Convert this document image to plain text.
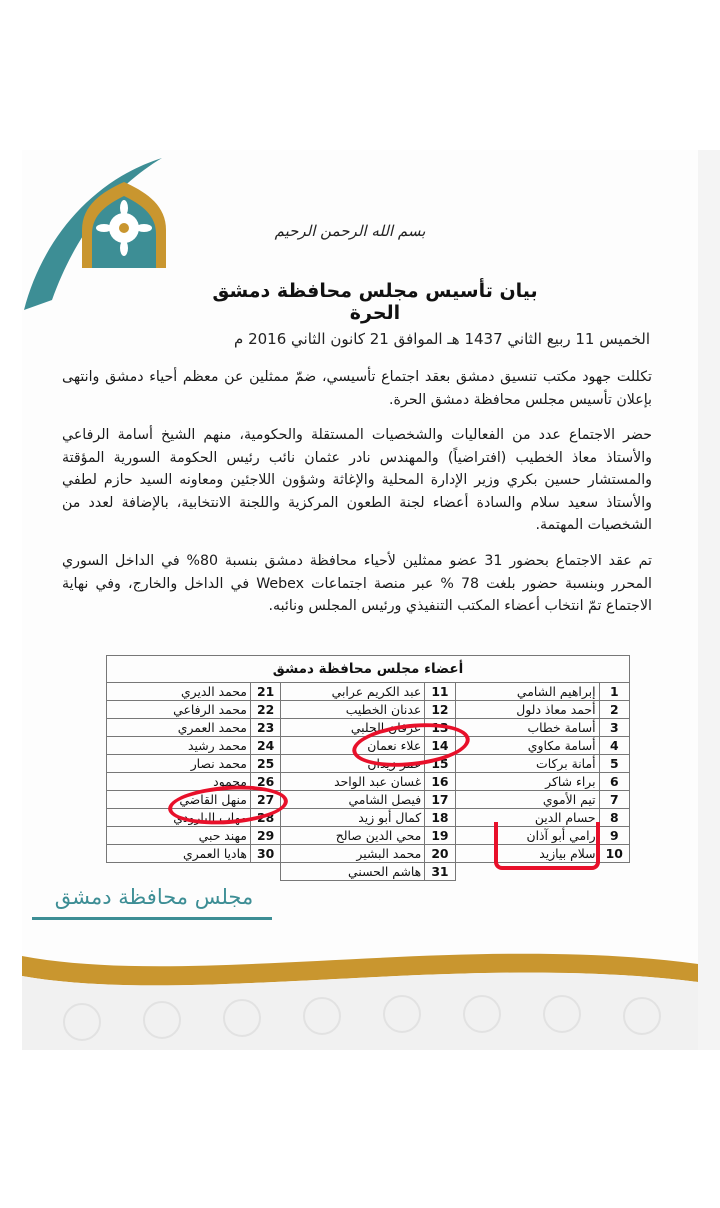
بسم الله الرحمن الرحيم
بيان تأسيس مجلس محافظة دمشق الحرة
الخميس 11 ربيع الثاني 1437 هـ الموافق 21 كانون الثاني 2016 م
تكللت جهود مكتب تنسيق دمشق بعقد اجتماع تأسيسي، ضمّ ممثلين عن معظم أحياء دمشق وانتهى بإعلان تأسيس مجلس محافظة دمشق الحرة.
حضر الاجتماع عدد من الفعاليات والشخصيات المستقلة والحكومية، منهم الشيخ أسامة الرفاعي والأستاذ معاذ الخطيب (افتراضياً) والمهندس نادر عثمان نائب رئيس الحكومة السورية المؤقتة والمستشار حسين بكري وزير الإدارة المحلية والإغاثة وشؤون اللاجئين ومعاونه السيد حازم لطفي والأستاذ سعيد سلام والسادة أعضاء لجنة الطعون المركزية واللجنة الانتخابية، بالإضافة لعدد من الشخصيات المهتمة.
تم عقد الاجتماع بحضور 31 عضو ممثلين لأحياء محافظة دمشق بنسبة 80% في الداخل السوري المحرر وبنسبة حضور بلغت 78 % عبر منصة اجتماعات Webex في الداخل والخارج، وفي نهاية الاجتماع تمّ انتخاب أعضاء المكتب التنفيذي ورئيس المجلس ونائبه.
أعضاء مجلس محافظة دمشق					
1	إبراهيم الشامي	11	عبد الكريم عرابي	21	محمد الديري
2	أحمد معاذ دلول	12	عدنان الخطيب	22	محمد الرفاعي
3	أسامة خطاب	13	عرفان الحلبي	23	محمد العمري
4	أسامة مكاوي	14	علاء نعمان	24	محمد رشيد
5	أمانة بركات	15	عمر زيدان	25	محمد نصار
6	براء شاكر	16	غسان عبد الواحد	26	محمود
7	تيم الأموي	17	فيصل الشامي	27	منهل القاضي
8	حسام الدين	18	كمال أبو زيد	28	مهاب البارودي
9	رامي أبو آذان	19	محي الدين صالح	29	مهند حبي
10	سلام بيازيد	20	محمد البشير	30	هاديا العمري
		31	هاشم الحسني		
مجلس محافظة دمشق
